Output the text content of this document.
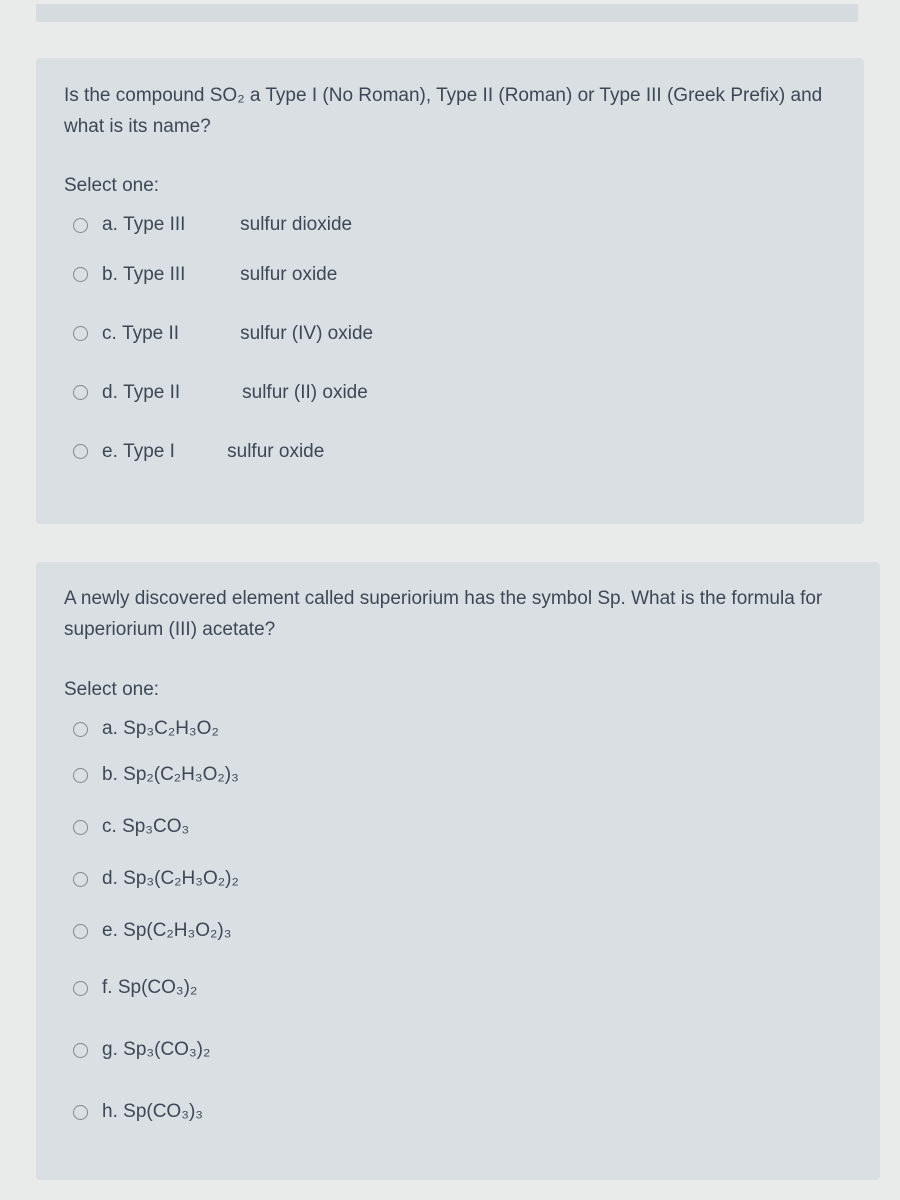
Is the compound SO₂ a Type I (No Roman), Type II (Roman) or Type III (Greek Prefix) and what is its name?

Select one:

a.
Type III	sulfur dioxide
b.
Type III	sulfur oxide
c.
Type II	sulfur (IV) oxide
d.
Type II	sulfur (II) oxide
e.
Type I	sulfur oxide

A newly discovered element called superiorium has the symbol Sp. What is the formula for superiorium (III) acetate?

Select one:

a.
Sp₃C₂H₃O₂
b.
Sp₂(C₂H₃O₂)₃
c.
Sp₃CO₃
d.
Sp₃(C₂H₃O₂)₂
e.
Sp(C₂H₃O₂)₃
f.
Sp(CO₃)₂
g.
Sp₃(CO₃)₂
h.
Sp(CO₃)₃
